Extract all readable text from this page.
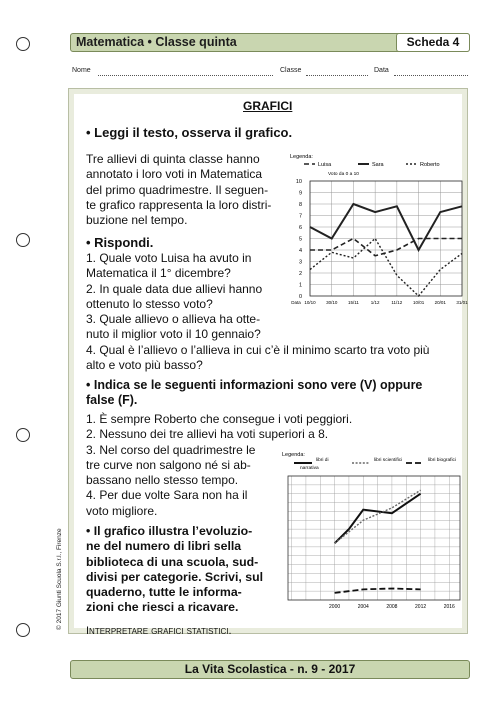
Matematica • Classe quinta	Scheda 4
Nome	Classe	Data
GRAFICI
• Leggi il testo, osserva il grafico.
Tre allievi di quinta classe hanno
annotato i loro voti in Matematica
del primo quadrimestre. Il seguen-
te grafico rappresenta la loro distri-
buzione nel tempo.
• Rispondi.
1. Quale voto Luisa ha avuto in
Matematica il 1° dicembre?
2. In quale data due allievi hanno
ottenuto lo stesso voto?
3. Quale allievo o allieva ha otte-
nuto il miglior voto il 10 gennaio?
4. Qual è l’allievo o l’allieva in cui c’è il minimo scarto tra voto più
alto e voto più basso?
• Indica se le seguenti informazioni sono vere (V) oppure
false (F).
1. È sempre Roberto che consegue i voti peggiori.
2. Nessuno dei tre allievi ha voti superiori a 8.
3. Nel corso del quadrimestre le
tre curve non salgono né si ab-
bassano nello stesso tempo.
4. Per due volte Sara non ha il
voto migliore.
• Il grafico illustra l’evoluzio-
ne del numero di libri sella
biblioteca di una scuola, sud-
divisi per categorie. Scrivi, sul
quaderno, tutte le informa-
zioni che riesci a ricavare.
Interpretare grafici statistici.
Legenda:
Luisa	Sara	Roberto
Voto da 0 a 10
0
1
2
3
4
5
6
7
8
9
10
10/10 30/10 15/11	1/12	11/12 10/01 20/01 31/01
Data
Legenda:
libri di
narrativa
libri scientifici	libri biografici
2000	2004	2008	2012	2016
© 2017 Giunti Scuola S.r.l., Firenze
La Vita Scolastica - n. 9 - 2017
